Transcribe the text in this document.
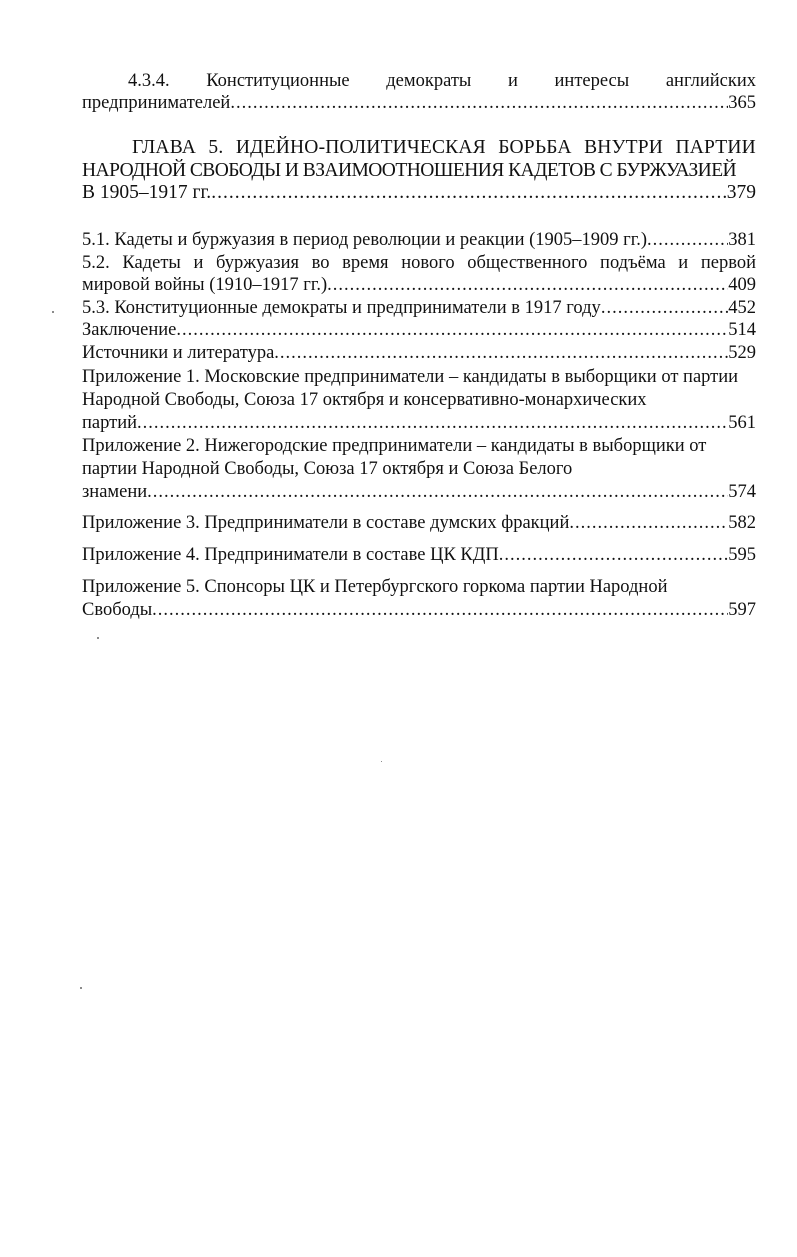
4.3.4. Конституционные демократы и интересы английских
предпринимателей .....	365
ГЛАВА 5. ИДЕЙНО-ПОЛИТИЧЕСКАЯ БОРЬБА ВНУТРИ ПАРТИИ
НАРОДНОЙ СВОБОДЫ И ВЗАИМООТНОШЕНИЯ КАДЕТОВ С БУРЖУАЗИЕЙ
В 1905–1917 гг. .....	379
5.1. Кадеты и буржуазия в период революции и реакции (1905–1909 гг.) .....	381
5.2. Кадеты и буржуазия во время нового общественного подъёма и первой
мировой войны (1910–1917 гг.) .....	409
5.3. Конституционные демократы и предприниматели в 1917 году .....	452
Заключение .....	514
Источники и литература .....	529
Приложение 1. Московские предприниматели – кандидаты в выборщики от партии
Народной Свободы, Союза 17 октября и консервативно-монархических
партий .....	561
Приложение 2. Нижегородские предприниматели – кандидаты в выборщики от
партии Народной Свободы, Союза 17 октября и Союза Белого
знамени .....	574
Приложение 3. Предприниматели в составе думских фракций .....	582
Приложение 4. Предприниматели в составе ЦК КДП .....	595
Приложение 5. Спонсоры ЦК и Петербургского горкома партии Народной
Свободы .....	597
